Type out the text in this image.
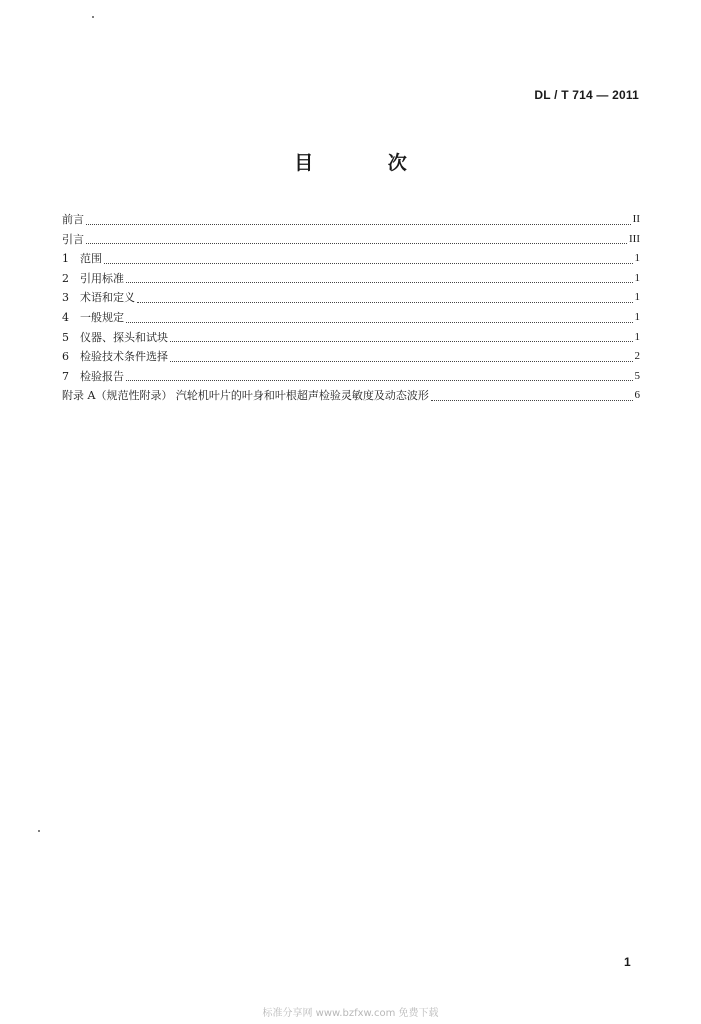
DL / T 714 — 2011
目 次
前言	II
引言	III
1	范围	1
2	引用标准	1
3	术语和定义	1
4	一般规定	1
5	仪器、探头和试块	1
6	检验技术条件选择	2
7	检验报告	5
附录 A（规范性附录） 汽轮机叶片的叶身和叶根超声检验灵敏度及动态波形	6
1
标准分享网 www.bzfxw.com 免费下载
